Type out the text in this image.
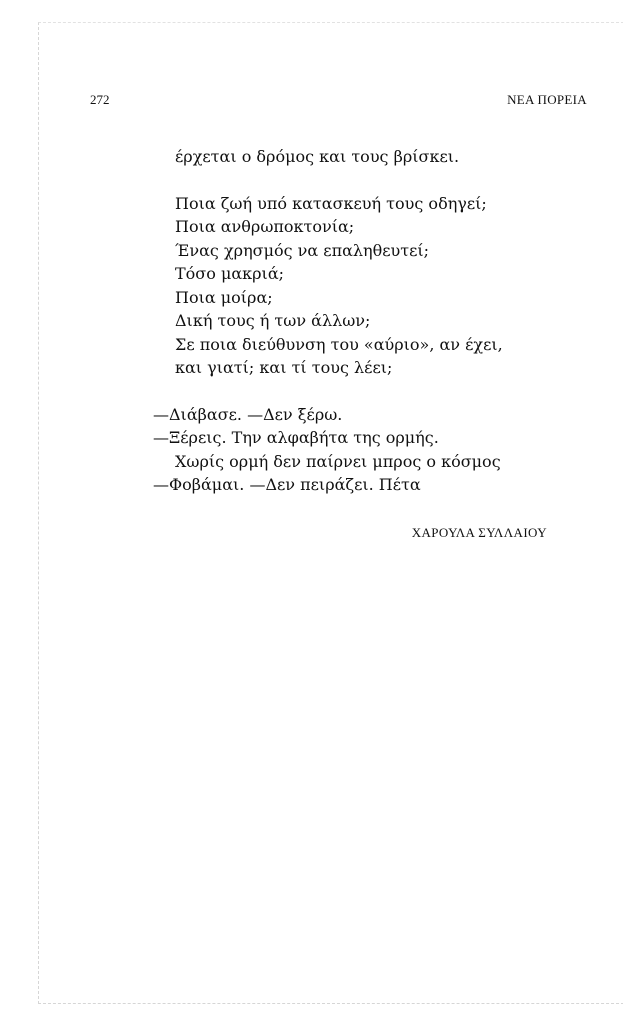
272	ΝΕΑ ΠΟΡΕΙΑ
έρχεται ο δρόμος και τους βρίσκει.
Ποια ζωή υπό κατασκευή τους οδηγεί;
Ποια ανθρωποκτονία;
Ένας χρησμός να επαληθευτεί;
Τόσο μακριά;
Ποια μοίρα;
Δική τους ή των άλλων;
Σε ποια διεύθυνση του «αύριο», αν έχει,
και γιατί; και τί τους λέει;
—Διάβασε. —Δεν ξέρω.
—Ξέρεις. Την αλφαβήτα της ορμής.
Χωρίς ορμή δεν παίρνει μπρος ο κόσμος
—Φοβάμαι. —Δεν πειράζει. Πέτα
ΧΑΡΟΥΛΑ ΣΥΛΛΑΙΟΥ
